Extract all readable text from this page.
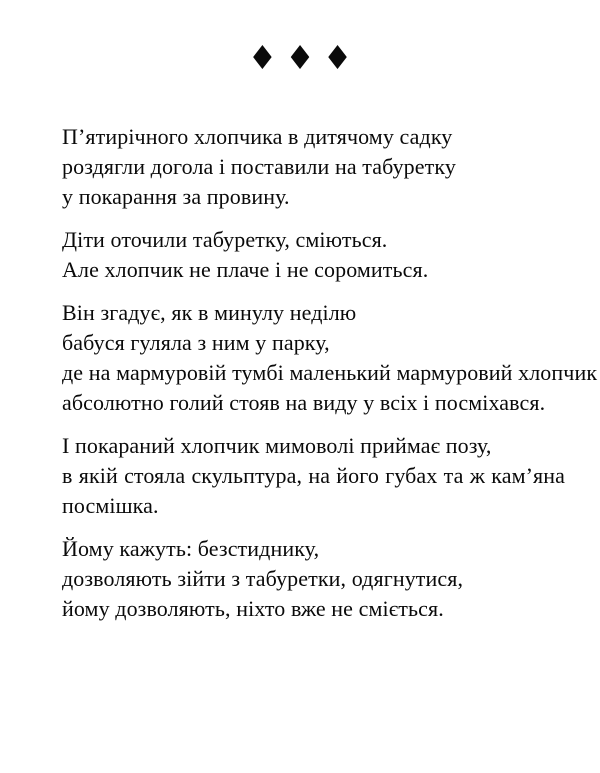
♦ ♦ ♦
П’ятирічного хлопчика в дитячому садку
роздягли догола і поставили на табуретку
у покарання за провину.
Діти оточили табуретку, сміються.
Але хлопчик не плаче і не соромиться.
Він згадує, як в минулу неділю
бабуся гуляла з ним у парку,
де на мармуровій тумбі маленький мармуровий хлопчик
абсолютно голий стояв на виду у всіх і посміхався.
І покараний хлопчик мимоволі приймає позу,
в якій стояла скульптура, на його губах та ж кам’яна
посмішка.
Йому кажуть: безстиднику,
дозволяють зійти з табуретки, одягнутися,
йому дозволяють, ніхто вже не сміється.
